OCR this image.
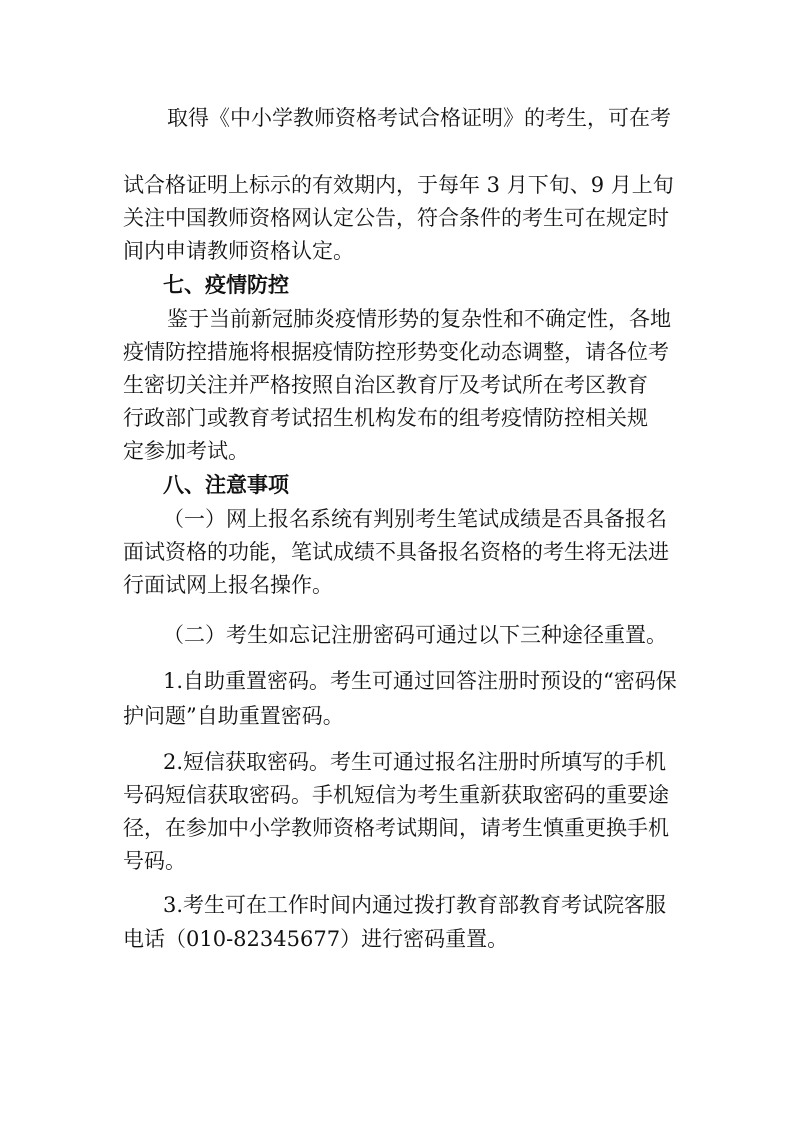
取得《中小学教师资格考试合格证明》的考生，可在考
试合格证明上标示的有效期内，于每年 3 月下旬、9 月上旬
关注中国教师资格网认定公告，符合条件的考生可在规定时
间内申请教师资格认定。
七、疫情防控
鉴于当前新冠肺炎疫情形势的复杂性和不确定性，各地
疫情防控措施将根据疫情防控形势变化动态调整，请各位考
生密切关注并严格按照自治区教育厅及考试所在考区教育
行政部门或教育考试招生机构发布的组考疫情防控相关规
定参加考试。
八、注意事项
（一）网上报名系统有判别考生笔试成绩是否具备报名
面试资格的功能，笔试成绩不具备报名资格的考生将无法进
行面试网上报名操作。
（二）考生如忘记注册密码可通过以下三种途径重置。
1.自助重置密码。考生可通过回答注册时预设的“密码保
护问题”自助重置密码。
2.短信获取密码。考生可通过报名注册时所填写的手机
号码短信获取密码。手机短信为考生重新获取密码的重要途
径，在参加中小学教师资格考试期间，请考生慎重更换手机
号码。
3.考生可在工作时间内通过拨打教育部教育考试院客服
电话（010-82345677）进行密码重置。
